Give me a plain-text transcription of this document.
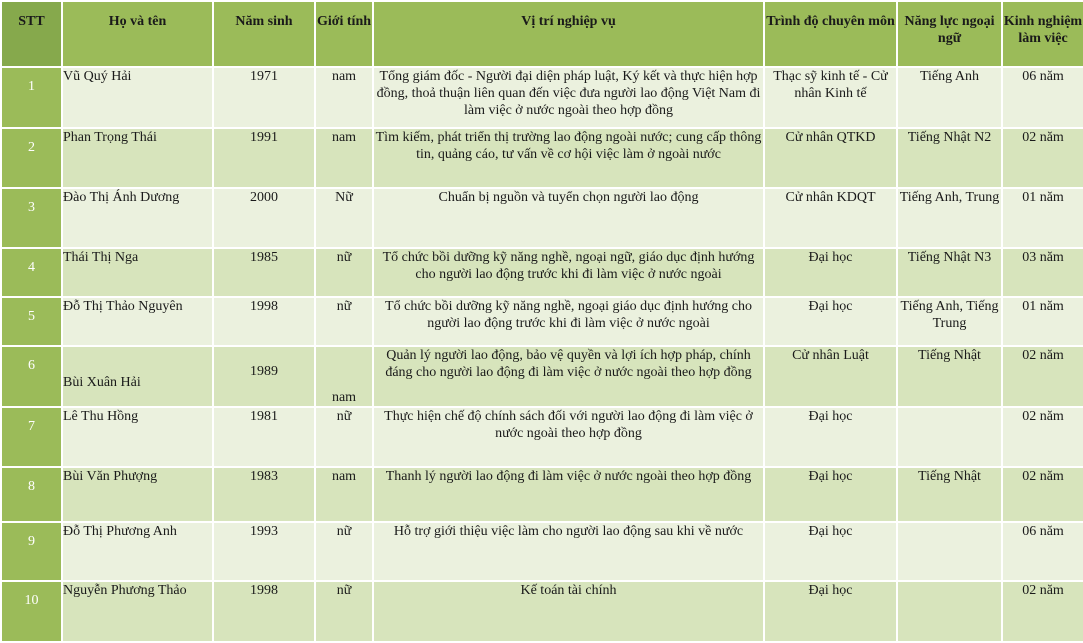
STT	Họ và tên	Năm sinh	Giới tính	Vị trí nghiệp vụ	Trình độ chuyên môn	Năng lực ngoại ngữ	Kinh nghiệm làm việc
1	Vũ Quý Hải	1971	nam	Tổng giám đốc - Người đại diện pháp luật, Ký kết và thực hiện hợp đồng, thoả thuận liên quan đến việc đưa người lao động Việt Nam đi làm việc ở nước ngoài theo hợp đồng	Thạc sỹ kinh tế - Cử nhân Kinh tế	Tiếng Anh	06 năm
2	Phan Trọng Thái	1991	nam	Tìm kiếm, phát triển thị trường lao động ngoài nước; cung cấp thông tin, quảng cáo, tư vấn về cơ hội việc làm ở ngoài nước	Cử nhân QTKD	Tiếng Nhật N2	02 năm
3	Đào Thị Ánh Dương	2000	Nữ	Chuẩn bị nguồn và tuyển chọn người lao động	Cử nhân KDQT	Tiếng Anh, Trung	01 năm
4	Thái Thị Nga	1985	nữ	Tổ chức bồi dưỡng kỹ năng nghề, ngoại ngữ, giáo dục định hướng cho người lao động trước khi đi làm việc ở nước ngoài	Đại học	Tiếng Nhật N3	03 năm
5	Đỗ Thị Thảo Nguyên	1998	nữ	Tổ chức bồi dưỡng kỹ năng nghề, ngoại giáo dục định hướng cho người lao động trước khi đi làm việc ở nước ngoài	Đại học	Tiếng Anh, Tiếng Trung	01 năm
6	Bùi Xuân Hải	1989	nam	Quản lý người lao động, bảo vệ quyền và lợi ích hợp pháp, chính đáng cho người lao động đi làm việc ở nước ngoài theo hợp đồng	Cử nhân Luật	Tiếng Nhật	02 năm
7	Lê Thu Hồng	1981	nữ	Thực hiện chế độ chính sách đối với người lao động đi làm việc ở nước ngoài theo hợp đồng	Đại học		02 năm
8	Bùi Văn Phượng	1983	nam	Thanh lý người lao động đi làm việc ở nước ngoài theo hợp đồng	Đại học	Tiếng Nhật	02 năm
9	Đỗ Thị Phương Anh	1993	nữ	Hỗ trợ giới thiệu việc làm cho người lao động sau khi về nước	Đại học		06 năm
10	Nguyễn Phương Thảo	1998	nữ	Kế toán tài chính	Đại học		02 năm
